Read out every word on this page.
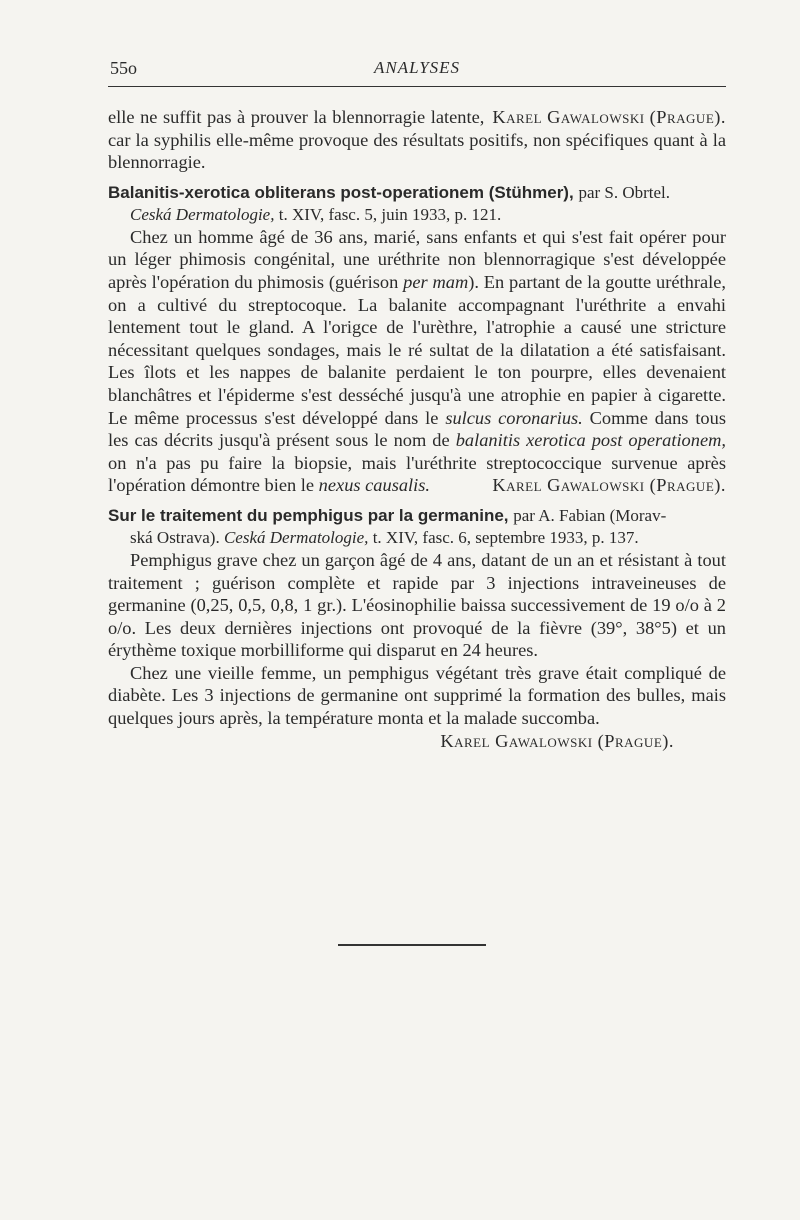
55o	ANALYSES

Karel Gawalowski (Prague).
elle ne suffit pas à prouver la blennorragie latente, car la syphilis elle-même provoque des résultats positifs, non spécifiques quant à la blennorragie.

Balanitis-xerotica obliterans post-operationem (Stühmer), par S. Obrtel.
Ceská Dermatologie, t. XIV, fasc. 5, juin 1933, p. 121.

Chez un homme âgé de 36 ans, marié, sans enfants et qui s'est fait opérer pour un léger phimosis congénital, une uréthrite non blennorragique s'est développée après l'opération du phimosis (guérison per mam). En partant de la goutte uréthrale, on a cultivé du streptocoque. La balanite accompagnant l'uréthrite a envahi lentement tout le gland. A l'origce de l'urèthre, l'atrophie a causé une stricture nécessitant quelques sondages, mais le ré sultat de la dilatation a été satisfaisant. Les îlots et les nappes de balanite perdaient le ton pourpre, elles devenaient blanchâtres et l'épiderme s'est desséché jusqu'à une atrophie en papier à cigarette. Le même processus s'est développé dans le sulcus coronarius. Comme dans tous les cas décrits jusqu'à présent sous le nom de balanitis xerotica post operationem, on n'a pas pu faire la biopsie, mais l'uréthrite streptococcique survenue après l'opération démontre bien le nexus causalis.	Karel Gawalowski (Prague).

Sur le traitement du pemphigus par la germanine, par A. Fabian (Morav-
ská Ostrava). Ceská Dermatologie, t. XIV, fasc. 6, septembre 1933, p. 137.

Pemphigus grave chez un garçon âgé de 4 ans, datant de un an et résistant à tout traitement ; guérison complète et rapide par 3 injections intraveineuses de germanine (0,25, 0,5, 0,8, 1 gr.). L'éosinophilie baissa successivement de 19 o/o à 2 o/o. Les deux dernières injections ont provoqué de la fièvre (39°, 38°5) et un érythème toxique morbilliforme qui disparut en 24 heures.

Chez une vieille femme, un pemphigus végétant très grave était compliqué de diabète. Les 3 injections de germanine ont supprimé la formation des bulles, mais quelques jours après, la température monta et la malade succomba.

Karel Gawalowski (Prague).
